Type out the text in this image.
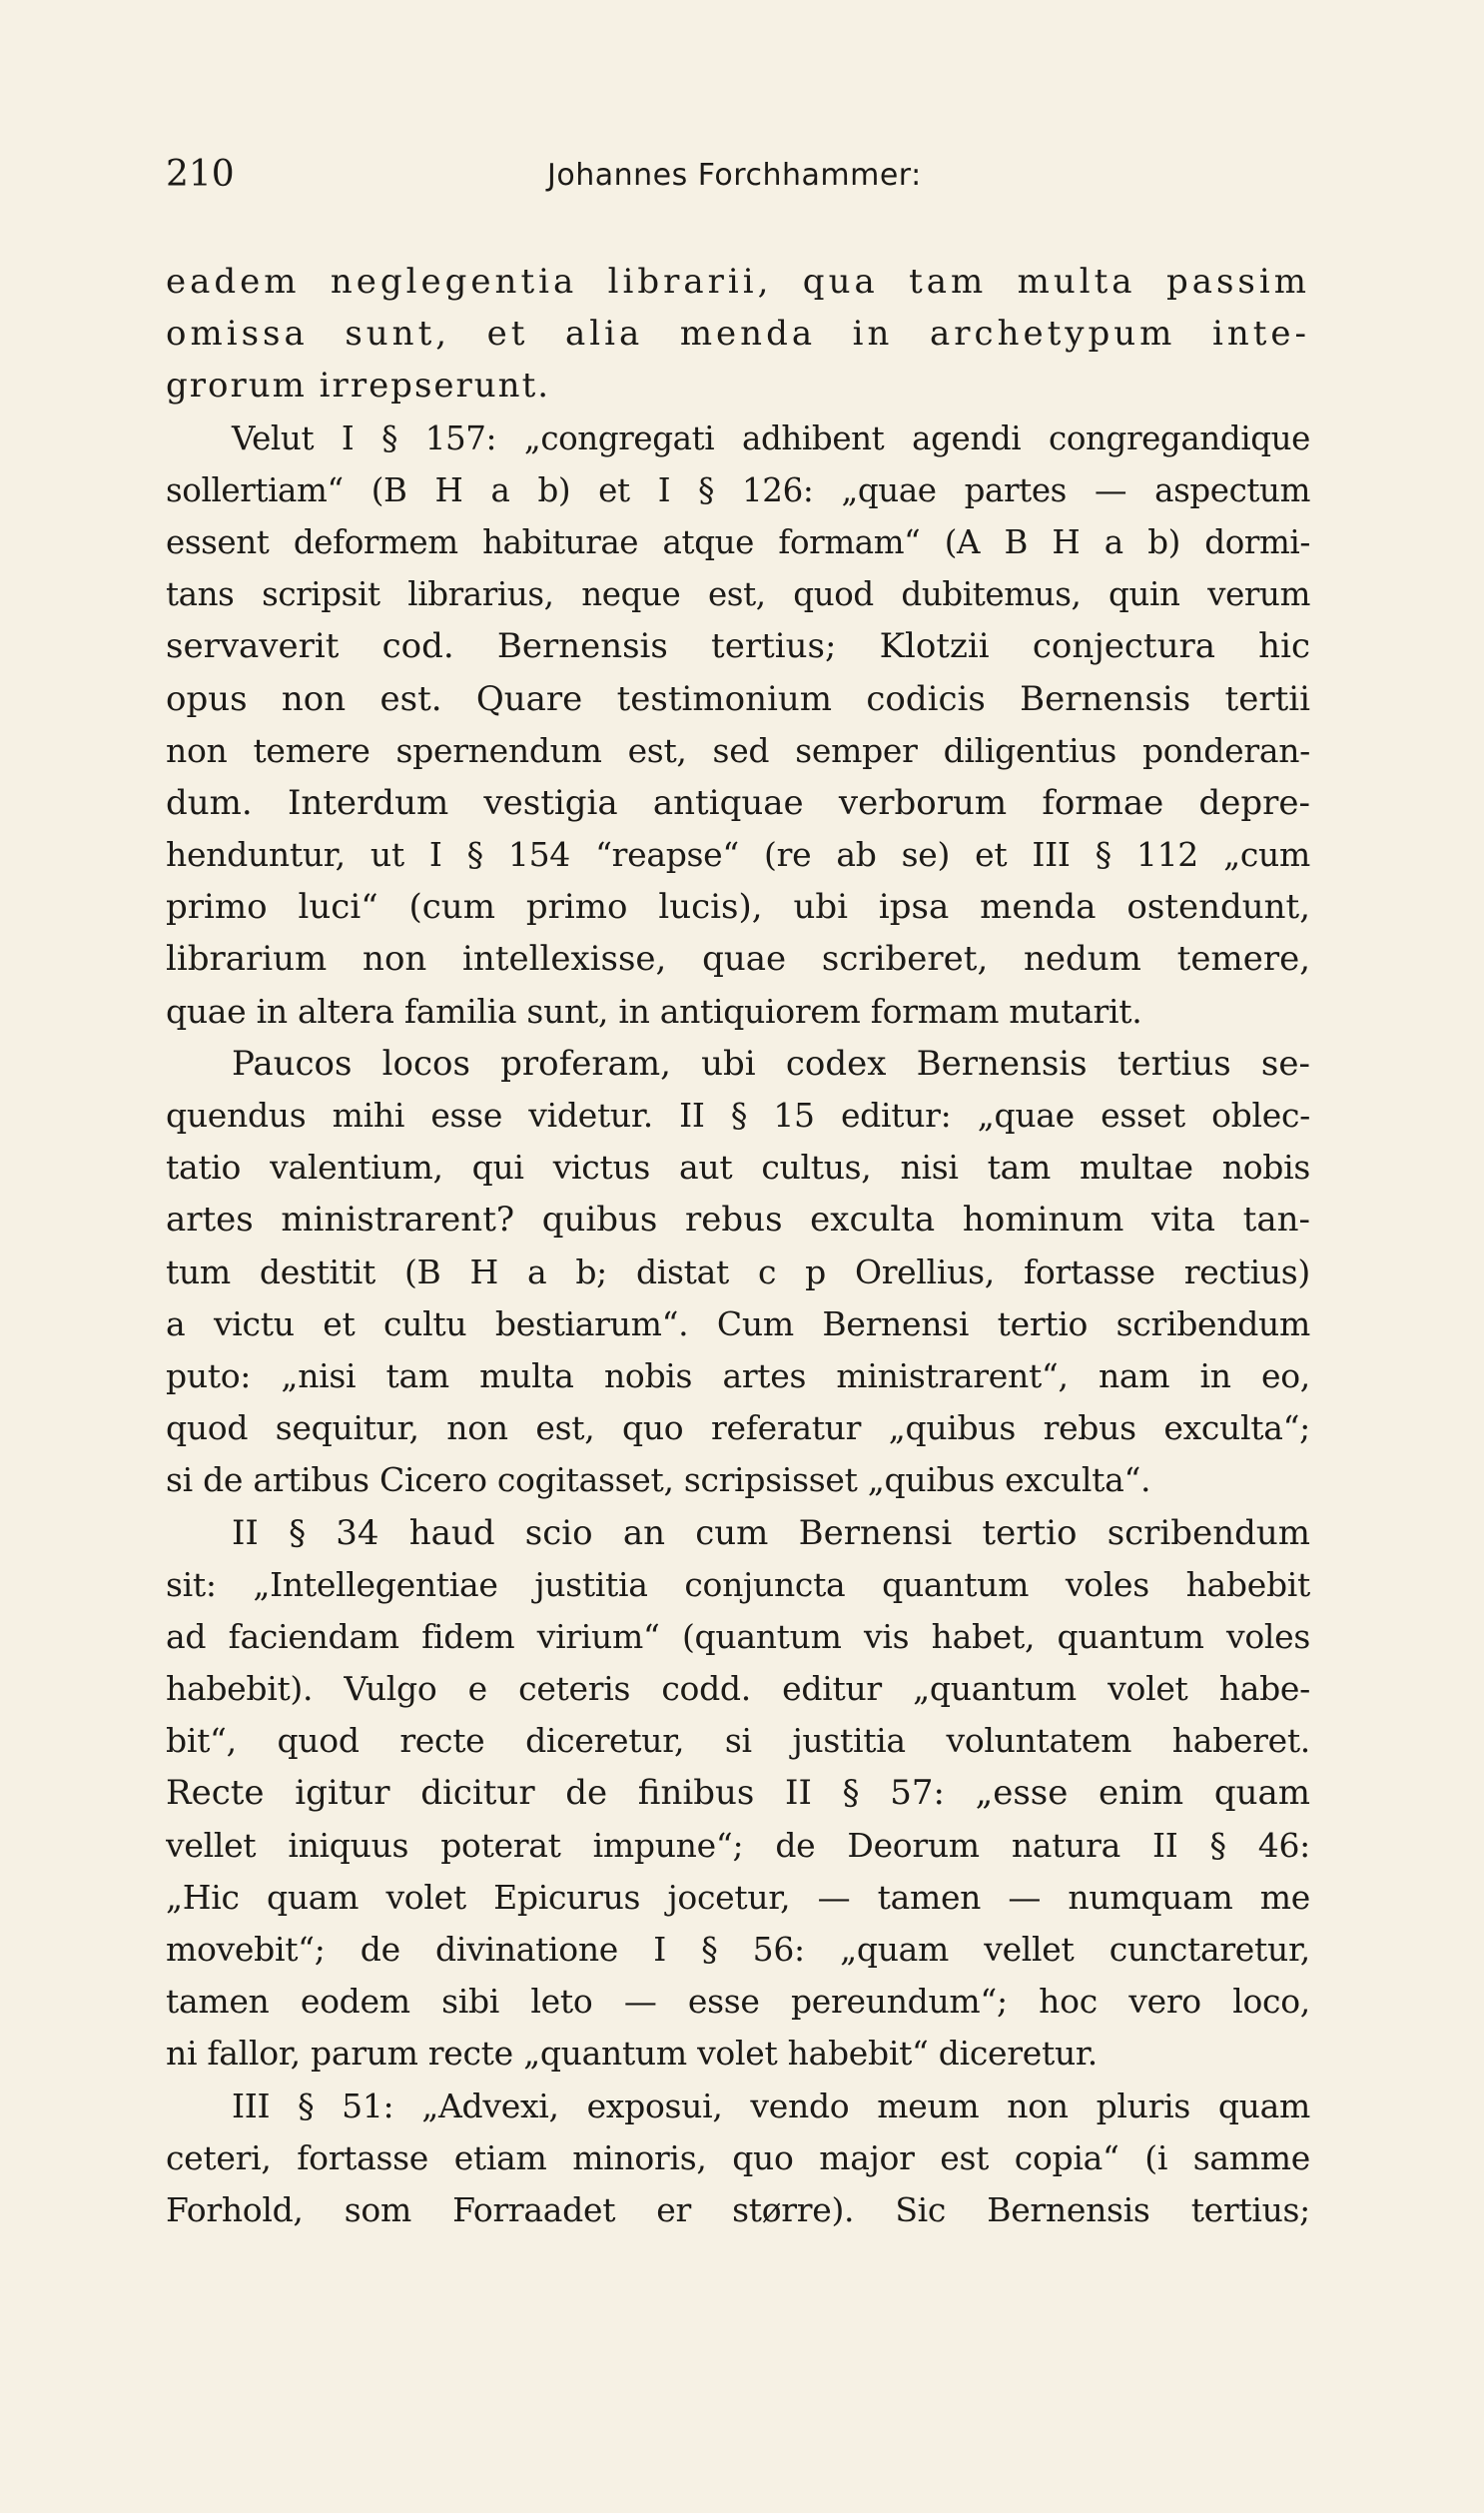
210	Johannes Forchhammer:
eadem neglegentia librarii, qua tam multa passim
omissa sunt, et alia menda in archetypum inte-
grorum irrepserunt.
Velut I § 157: „congregati adhibent agendi congregandique
sollertiam“ (B H a b) et I § 126: „quae partes — aspectum
essent deformem habiturae atque formam“ (A B H a b) dormi-
tans scripsit librarius, neque est, quod dubitemus, quin verum
servaverit cod. Bernensis tertius; Klotzii conjectura hic
opus non est. Quare testimonium codicis Bernensis tertii
non temere spernendum est, sed semper diligentius ponderan-
dum. Interdum vestigia antiquae verborum formae depre-
henduntur, ut I § 154 “reapse“ (re ab se) et III § 112 „cum
primo luci“ (cum primo lucis), ubi ipsa menda ostendunt,
librarium non intellexisse, quae scriberet, nedum temere,
quae in altera familia sunt, in antiquiorem formam mutarit.
Paucos locos proferam, ubi codex Bernensis tertius se-
quendus mihi esse videtur. II § 15 editur: „quae esset oblec-
tatio valentium, qui victus aut cultus, nisi tam multae nobis
artes ministrarent? quibus rebus exculta hominum vita tan-
tum destitit (B H a b; distat c p Orellius, fortasse rectius)
a victu et cultu bestiarum“. Cum Bernensi tertio scribendum
puto: „nisi tam multa nobis artes ministrarent“, nam in eo,
quod sequitur, non est, quo referatur „quibus rebus exculta“;
si de artibus Cicero cogitasset, scripsisset „quibus exculta“.
II § 34 haud scio an cum Bernensi tertio scribendum
sit: „Intellegentiae justitia conjuncta quantum voles habebit
ad faciendam fidem virium“ (quantum vis habet, quantum voles
habebit). Vulgo e ceteris codd. editur „quantum volet habe-
bit“, quod recte diceretur, si justitia voluntatem haberet.
Recte igitur dicitur de finibus II § 57: „esse enim quam
vellet iniquus poterat impune“; de Deorum natura II § 46:
„Hic quam volet Epicurus jocetur, — tamen — numquam me
movebit“; de divinatione I § 56: „quam vellet cunctaretur,
tamen eodem sibi leto — esse pereundum“; hoc vero loco,
ni fallor, parum recte „quantum volet habebit“ diceretur.
III § 51: „Advexi, exposui, vendo meum non pluris quam
ceteri, fortasse etiam minoris, quo major est copia“ (i samme
Forhold, som Forraadet er større). Sic Bernensis tertius;
